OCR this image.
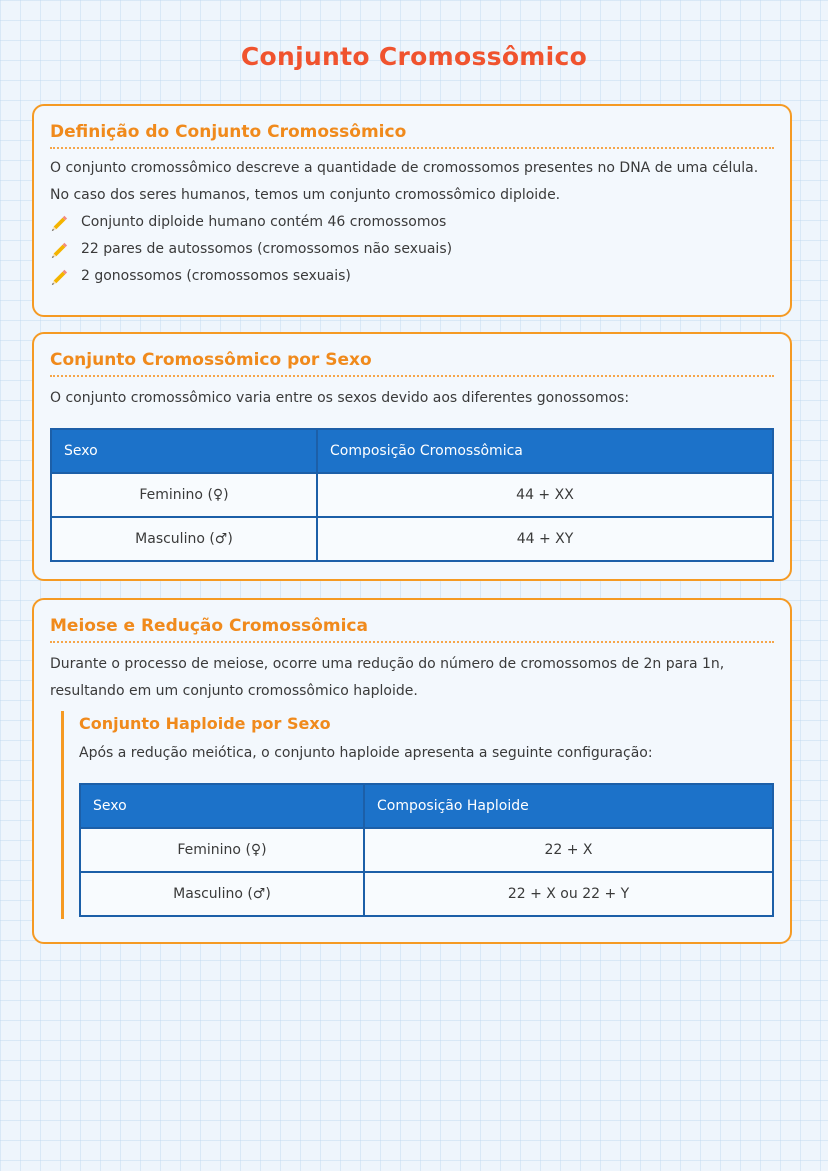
Conjunto Cromossômico
Definição do Conjunto Cromossômico

O conjunto cromossômico descreve a quantidade de cromossomos presentes no DNA de uma célula.

No caso dos seres humanos, temos um conjunto cromossômico diploide.

Conjunto diploide humano contém 46 cromossomos
22 pares de autossomos (cromossomos não sexuais)
2 gonossomos (cromossomos sexuais)
Conjunto Cromossômico por Sexo

O conjunto cromossômico varia entre os sexos devido aos diferentes gonossomos:

Sexo	Composição Cromossômica
Feminino (♀)	44 + XX
Masculino (♂)	44 + XY
Meiose e Redução Cromossômica

Durante o processo de meiose, ocorre uma redução do número de cromossomos de 2n para 1n,

resultando em um conjunto cromossômico haploide.

Conjunto Haploide por Sexo

Após a redução meiótica, o conjunto haploide apresenta a seguinte configuração:

Sexo	Composição Haploide
Feminino (♀)	22 + X
Masculino (♂)	22 + X ou 22 + Y
